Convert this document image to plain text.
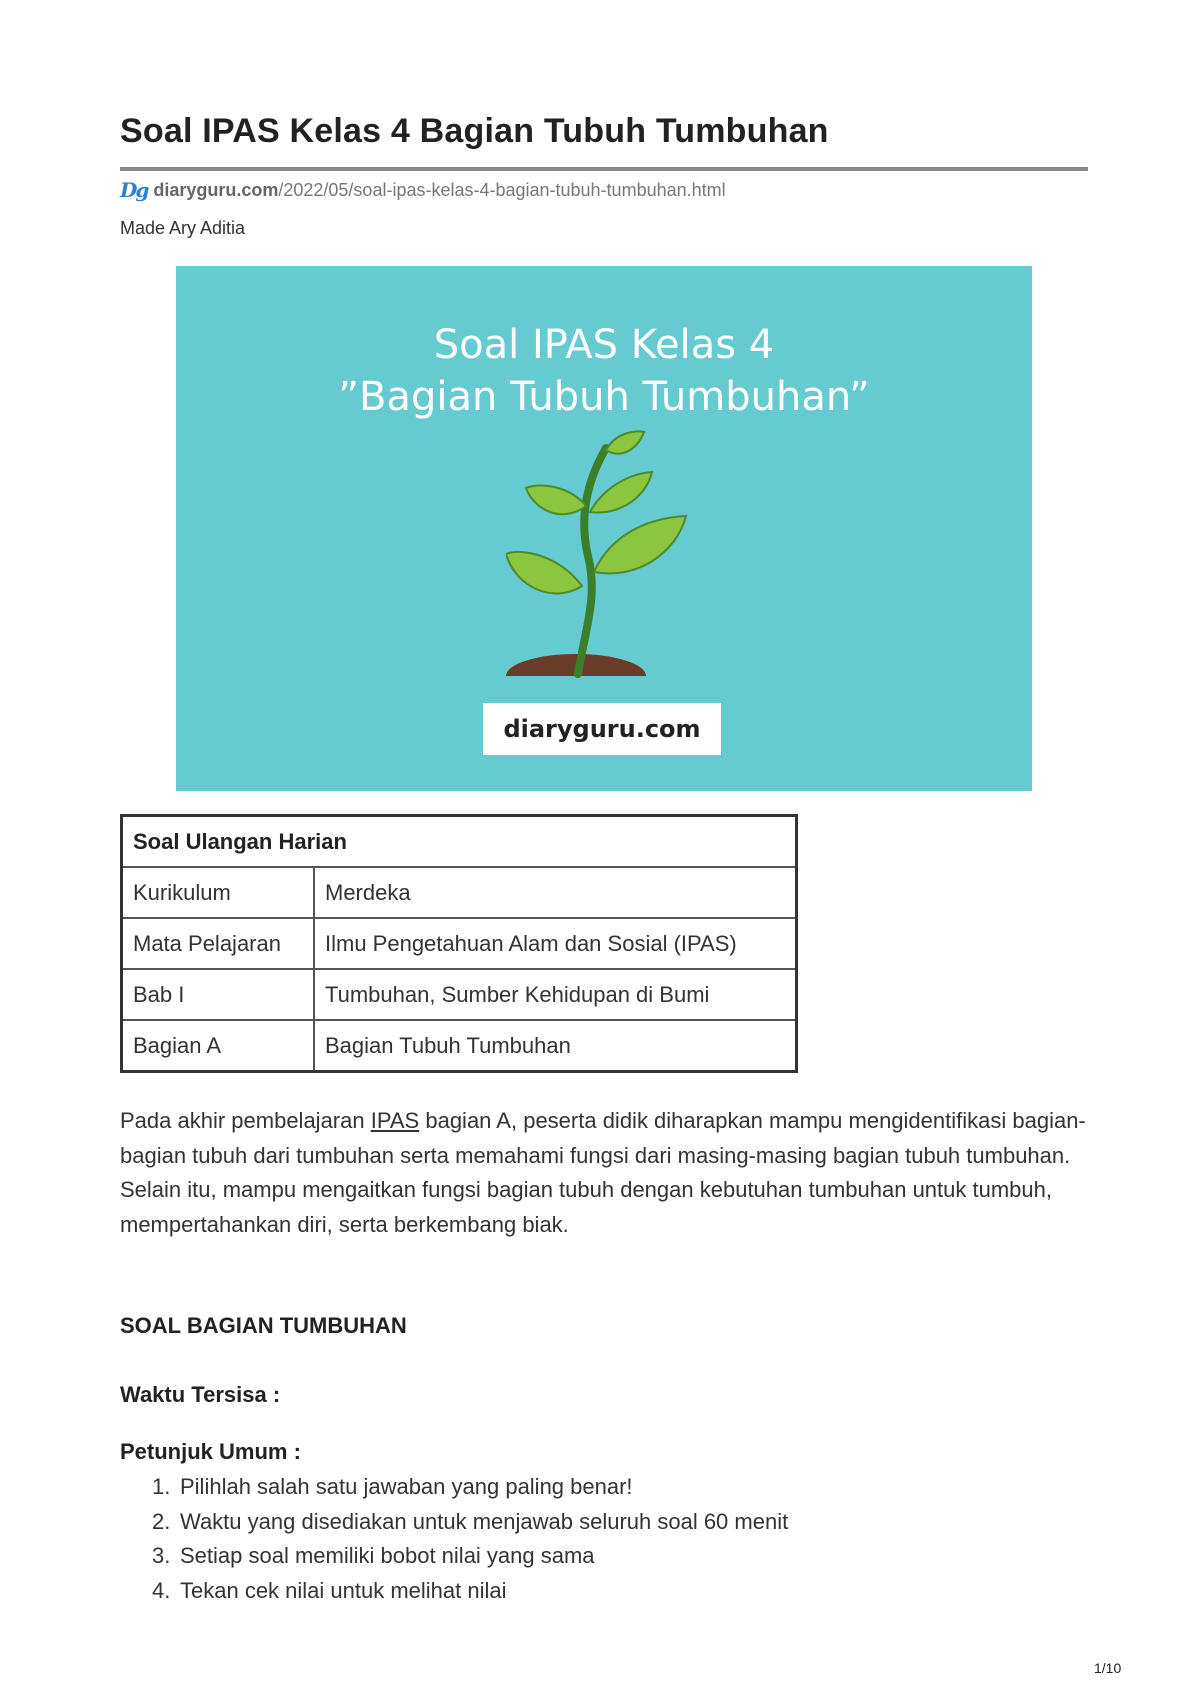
Soal IPAS Kelas 4 Bagian Tubuh Tumbuhan
Dg diaryguru.com/2022/05/soal-ipas-kelas-4-bagian-tubuh-tumbuhan.html
Made Ary Aditia
Soal IPAS Kelas 4
”Bagian Tubuh Tumbuhan”
diaryguru.com
Soal Ulangan Harian	
Kurikulum	Merdeka
Mata Pelajaran	Ilmu Pengetahuan Alam dan Sosial (IPAS)
Bab I	Tumbuhan, Sumber Kehidupan di Bumi
Bagian A	Bagian Tubuh Tumbuhan

Pada akhir pembelajaran IPAS bagian A, peserta didik diharapkan mampu mengidentifikasi bagian-bagian tubuh dari tumbuhan serta memahami fungsi dari masing-masing bagian tubuh tumbuhan. Selain itu, mampu mengaitkan fungsi bagian tubuh dengan kebutuhan tumbuhan untuk tumbuh, mempertahankan diri, serta berkembang biak.

SOAL BAGIAN TUMBUHAN
Waktu Tersisa :
Petunjuk Umum :
1. Pilihlah salah satu jawaban yang paling benar!
2. Waktu yang disediakan untuk menjawab seluruh soal 60 menit
3. Setiap soal memiliki bobot nilai yang sama
4. Tekan cek nilai untuk melihat nilai
1/10
